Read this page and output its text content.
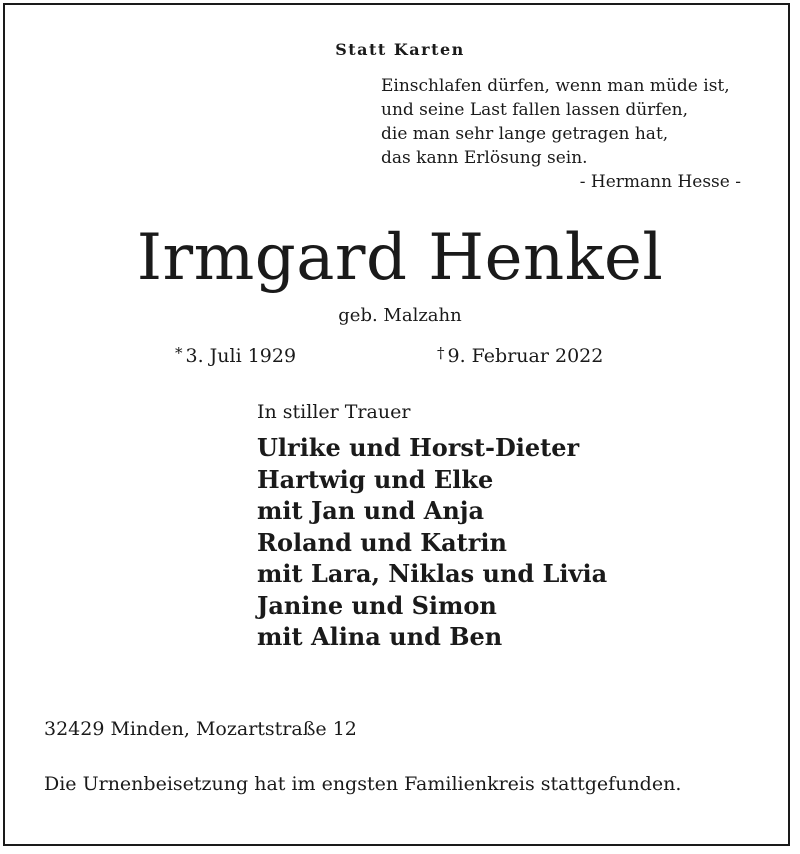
Statt Karten
Einschlafen dürfen, wenn man müde ist,
und seine Last fallen lassen dürfen,
die man sehr lange getragen hat,
das kann Erlösung sein.
- Hermann Hesse -
Irmgard Henkel
geb. Malzahn
* 3. Juli 1929	† 9. Februar 2022
In stiller Trauer
Ulrike und Horst-Dieter
Hartwig und Elke
mit Jan und Anja
Roland und Katrin
mit Lara, Niklas und Livia
Janine und Simon
mit Alina und Ben
32429 Minden, Mozartstraße 12
Die Urnenbeisetzung hat im engsten Familienkreis stattgefunden.
